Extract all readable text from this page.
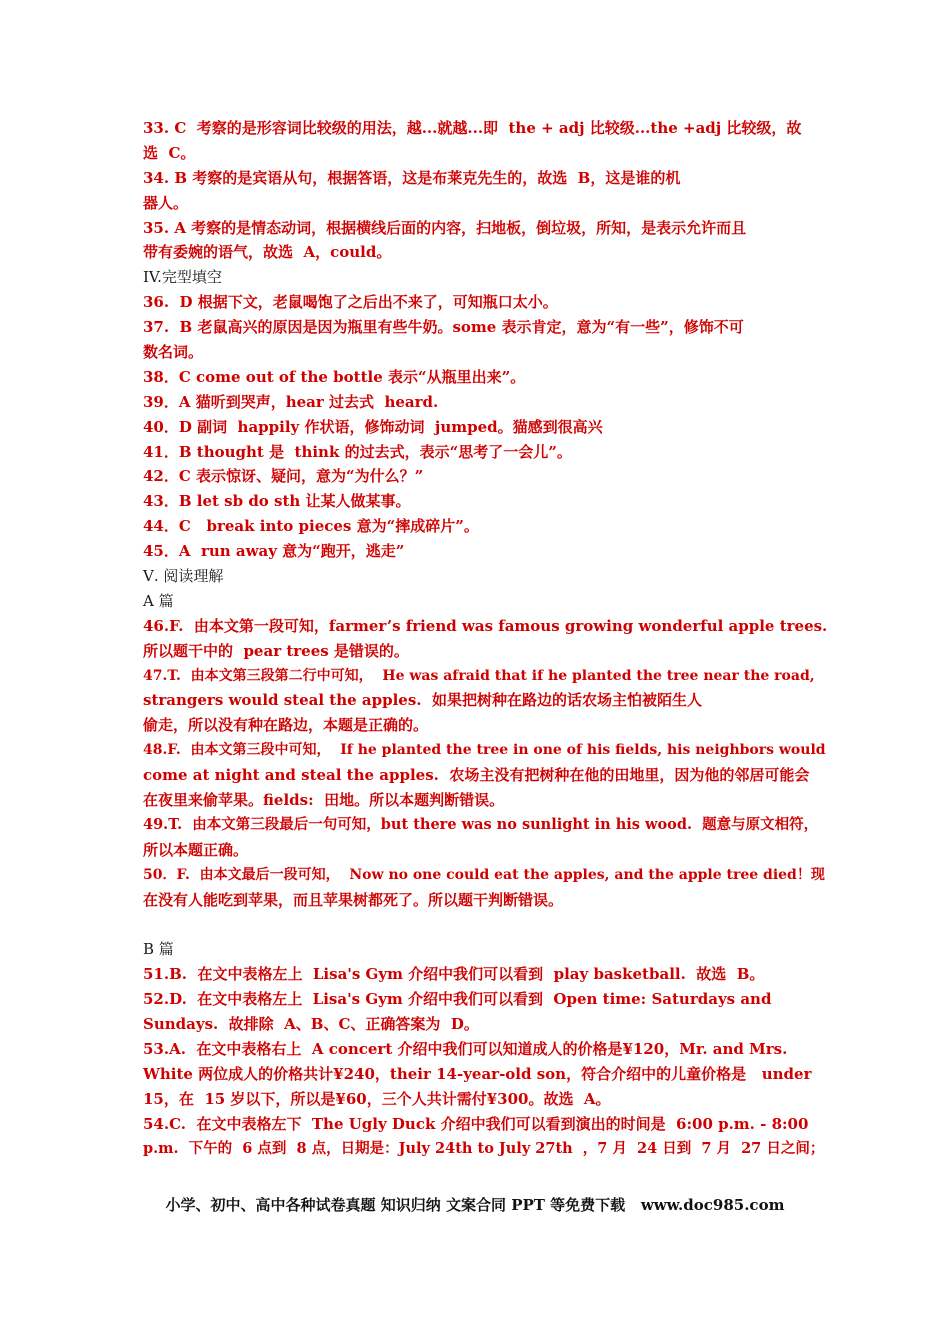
33. C  考察的是形容词比较级的用法，越...就越...即  the + adj 比较级...the +adj 比较级，故
选  C。
34. B 考察的是宾语从句，根据答语，这是布莱克先生的，故选  B，这是谁的机
器人。
35. A 考察的是情态动词，根据横线后面的内容，扫地板，倒垃圾，所知，是表示允许而且
带有委婉的语气，故选  A，could。
IV.完型填空
36.  D 根据下文，老鼠喝饱了之后出不来了，可知瓶口太小。
37.  B 老鼠高兴的原因是因为瓶里有些牛奶。some 表示肯定，意为“有一些”，修饰不可
数名词。
38．C come out of the bottle 表示“从瓶里出来”。
39．A 猫听到哭声，hear 过去式  heard.
40．D 副词  happily 作状语，修饰动词  jumped。猫感到很高兴
41．B thought 是  think 的过去式，表示“思考了一会儿”。
42．C 表示惊讶、疑问，意为“为什么？”
43．B let sb do sth 让某人做某事。
44．C   break into pieces 意为“摔成碎片”。
45．A  run away 意为“跑开，逃走”
Ⅴ. 阅读理解
A 篇
46.F.  由本文第一段可知，farmer’s friend was famous growing wonderful apple trees.
所以题干中的  pear trees 是错误的。
47.T.  由本文第三段第二行中可知，  He was afraid that if he planted the tree near the road,
strangers would steal the apples.  如果把树种在路边的话农场主怕被陌生人
偷走，所以没有种在路边，本题是正确的。
48.F.  由本文第三段中可知，  If he planted the tree in one of his fields, his neighbors would
come at night and steal the apples.  农场主没有把树种在他的田地里，因为他的邻居可能会
在夜里来偷苹果。fields:  田地。所以本题判断错误。
49.T.  由本文第三段最后一句可知，but there was no sunlight in his wood.  题意与原文相符，
所以本题正确。
50．F.  由本文最后一段可知，  Now no one could eat the apples, and the apple tree died！现
在没有人能吃到苹果，而且苹果树都死了。所以题干判断错误。
B 篇
51.B.  在文中表格左上  Lisa's Gym 介绍中我们可以看到  play basketball.  故选  B。
52.D.  在文中表格左上  Lisa's Gym 介绍中我们可以看到  Open time: Saturdays and
Sundays.  故排除  A、B、C、正确答案为  D。
53.A.  在文中表格右上  A concert 介绍中我们可以知道成人的价格是¥120，Mr. and Mrs.
White 两位成人的价格共计¥240，their 14-year-old son，符合介绍中的儿童价格是   under
15，在  15 岁以下，所以是¥60，三个人共计需付¥300。故选  A。
54.C.  在文中表格左下  The Ugly Duck 介绍中我们可以看到演出的时间是  6:00 p.m. - 8:00
p.m.  下午的  6 点到  8 点，日期是：July 24th to July 27th  ，7 月  24 日到  7 月  27 日之间；
小学、初中、高中各种试卷真题 知识归纳 文案合同 PPT 等免费下载   www.doc985.com
